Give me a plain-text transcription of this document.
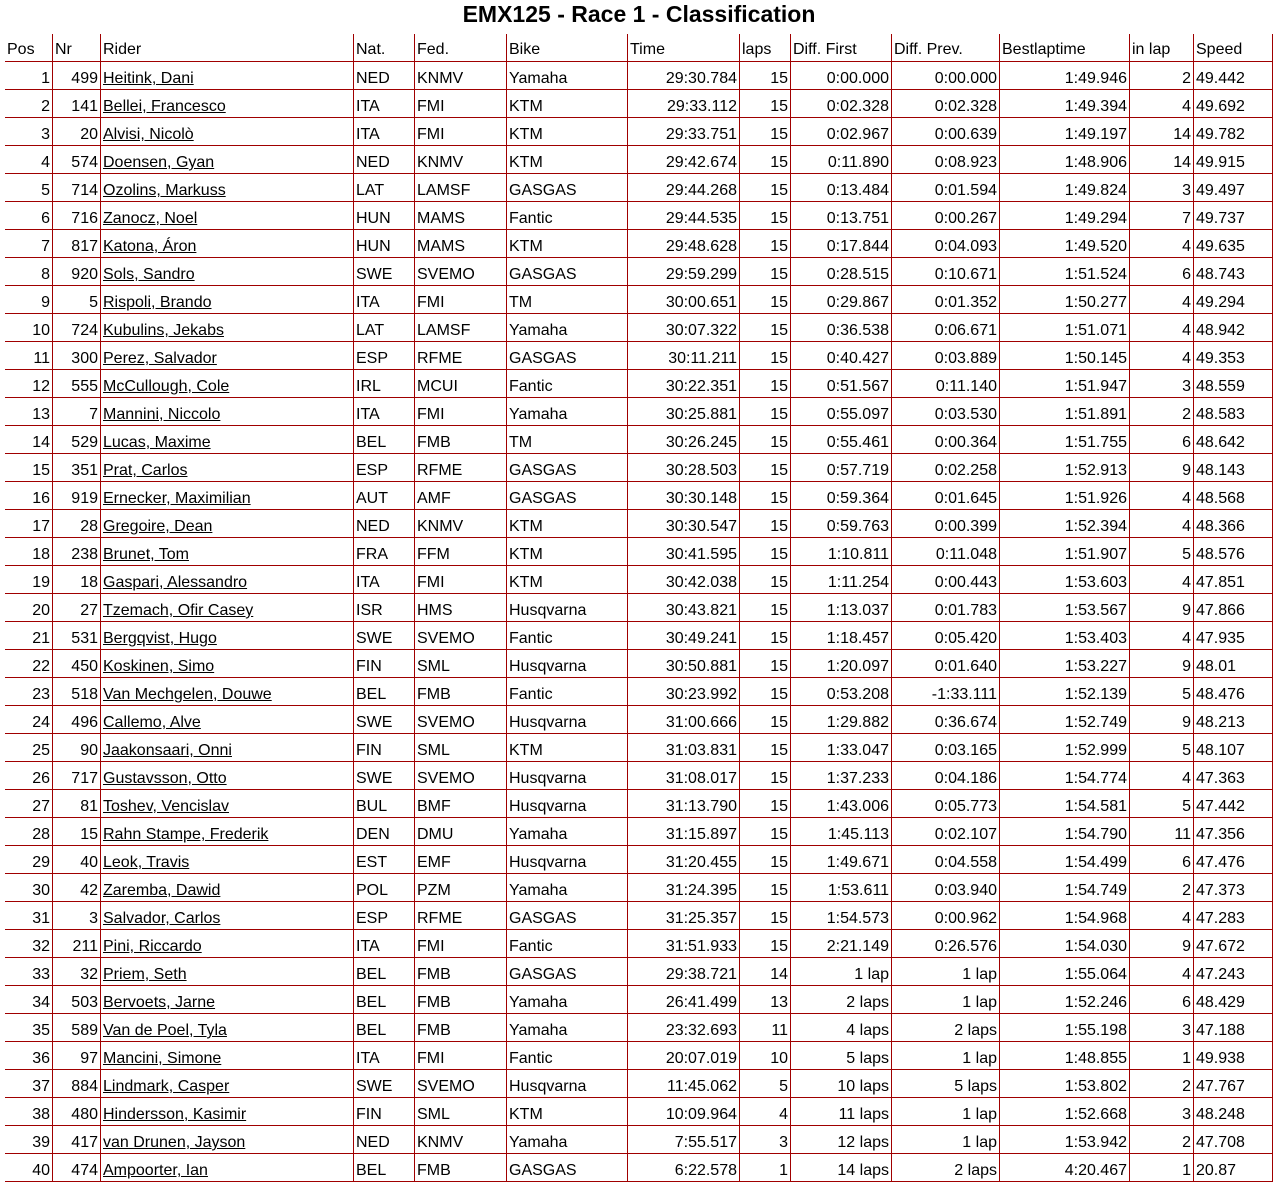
EMX125 - Race 1 - Classification
Pos	Nr	Rider	Nat.	Fed.	Bike	Time	laps	Diff. First	Diff. Prev.	Bestlaptime	in lap	Speed
1	499	Heitink, Dani	NED	KNMV	Yamaha	29:30.784	15	0:00.000	0:00.000	1:49.946	2	49.442
2	141	Bellei, Francesco	ITA	FMI	KTM	29:33.112	15	0:02.328	0:02.328	1:49.394	4	49.692
3	20	Alvisi, Nicolò	ITA	FMI	KTM	29:33.751	15	0:02.967	0:00.639	1:49.197	14	49.782
4	574	Doensen, Gyan	NED	KNMV	KTM	29:42.674	15	0:11.890	0:08.923	1:48.906	14	49.915
5	714	Ozolins, Markuss	LAT	LAMSF	GASGAS	29:44.268	15	0:13.484	0:01.594	1:49.824	3	49.497
6	716	Zanocz, Noel	HUN	MAMS	Fantic	29:44.535	15	0:13.751	0:00.267	1:49.294	7	49.737
7	817	Katona, Áron	HUN	MAMS	KTM	29:48.628	15	0:17.844	0:04.093	1:49.520	4	49.635
8	920	Sols, Sandro	SWE	SVEMO	GASGAS	29:59.299	15	0:28.515	0:10.671	1:51.524	6	48.743
9	5	Rispoli, Brando	ITA	FMI	TM	30:00.651	15	0:29.867	0:01.352	1:50.277	4	49.294
10	724	Kubulins, Jekabs	LAT	LAMSF	Yamaha	30:07.322	15	0:36.538	0:06.671	1:51.071	4	48.942
11	300	Perez, Salvador	ESP	RFME	GASGAS	30:11.211	15	0:40.427	0:03.889	1:50.145	4	49.353
12	555	McCullough, Cole	IRL	MCUI	Fantic	30:22.351	15	0:51.567	0:11.140	1:51.947	3	48.559
13	7	Mannini, Niccolo	ITA	FMI	Yamaha	30:25.881	15	0:55.097	0:03.530	1:51.891	2	48.583
14	529	Lucas, Maxime	BEL	FMB	TM	30:26.245	15	0:55.461	0:00.364	1:51.755	6	48.642
15	351	Prat, Carlos	ESP	RFME	GASGAS	30:28.503	15	0:57.719	0:02.258	1:52.913	9	48.143
16	919	Ernecker, Maximilian	AUT	AMF	GASGAS	30:30.148	15	0:59.364	0:01.645	1:51.926	4	48.568
17	28	Gregoire, Dean	NED	KNMV	KTM	30:30.547	15	0:59.763	0:00.399	1:52.394	4	48.366
18	238	Brunet, Tom	FRA	FFM	KTM	30:41.595	15	1:10.811	0:11.048	1:51.907	5	48.576
19	18	Gaspari, Alessandro	ITA	FMI	KTM	30:42.038	15	1:11.254	0:00.443	1:53.603	4	47.851
20	27	Tzemach, Ofir Casey	ISR	HMS	Husqvarna	30:43.821	15	1:13.037	0:01.783	1:53.567	9	47.866
21	531	Bergqvist, Hugo	SWE	SVEMO	Fantic	30:49.241	15	1:18.457	0:05.420	1:53.403	4	47.935
22	450	Koskinen, Simo	FIN	SML	Husqvarna	30:50.881	15	1:20.097	0:01.640	1:53.227	9	48.01
23	518	Van Mechgelen, Douwe	BEL	FMB	Fantic	30:23.992	15	0:53.208	-1:33.111	1:52.139	5	48.476
24	496	Callemo, Alve	SWE	SVEMO	Husqvarna	31:00.666	15	1:29.882	0:36.674	1:52.749	9	48.213
25	90	Jaakonsaari, Onni	FIN	SML	KTM	31:03.831	15	1:33.047	0:03.165	1:52.999	5	48.107
26	717	Gustavsson, Otto	SWE	SVEMO	Husqvarna	31:08.017	15	1:37.233	0:04.186	1:54.774	4	47.363
27	81	Toshev, Vencislav	BUL	BMF	Husqvarna	31:13.790	15	1:43.006	0:05.773	1:54.581	5	47.442
28	15	Rahn Stampe, Frederik	DEN	DMU	Yamaha	31:15.897	15	1:45.113	0:02.107	1:54.790	11	47.356
29	40	Leok, Travis	EST	EMF	Husqvarna	31:20.455	15	1:49.671	0:04.558	1:54.499	6	47.476
30	42	Zaremba, Dawid	POL	PZM	Yamaha	31:24.395	15	1:53.611	0:03.940	1:54.749	2	47.373
31	3	Salvador, Carlos	ESP	RFME	GASGAS	31:25.357	15	1:54.573	0:00.962	1:54.968	4	47.283
32	211	Pini, Riccardo	ITA	FMI	Fantic	31:51.933	15	2:21.149	0:26.576	1:54.030	9	47.672
33	32	Priem, Seth	BEL	FMB	GASGAS	29:38.721	14	1 lap	1 lap	1:55.064	4	47.243
34	503	Bervoets, Jarne	BEL	FMB	Yamaha	26:41.499	13	2 laps	1 lap	1:52.246	6	48.429
35	589	Van de Poel, Tyla	BEL	FMB	Yamaha	23:32.693	11	4 laps	2 laps	1:55.198	3	47.188
36	97	Mancini, Simone	ITA	FMI	Fantic	20:07.019	10	5 laps	1 lap	1:48.855	1	49.938
37	884	Lindmark, Casper	SWE	SVEMO	Husqvarna	11:45.062	5	10 laps	5 laps	1:53.802	2	47.767
38	480	Hindersson, Kasimir	FIN	SML	KTM	10:09.964	4	11 laps	1 lap	1:52.668	3	48.248
39	417	van Drunen, Jayson	NED	KNMV	Yamaha	7:55.517	3	12 laps	1 lap	1:53.942	2	47.708
40	474	Ampoorter, Ian	BEL	FMB	GASGAS	6:22.578	1	14 laps	2 laps	4:20.467	1	20.87
